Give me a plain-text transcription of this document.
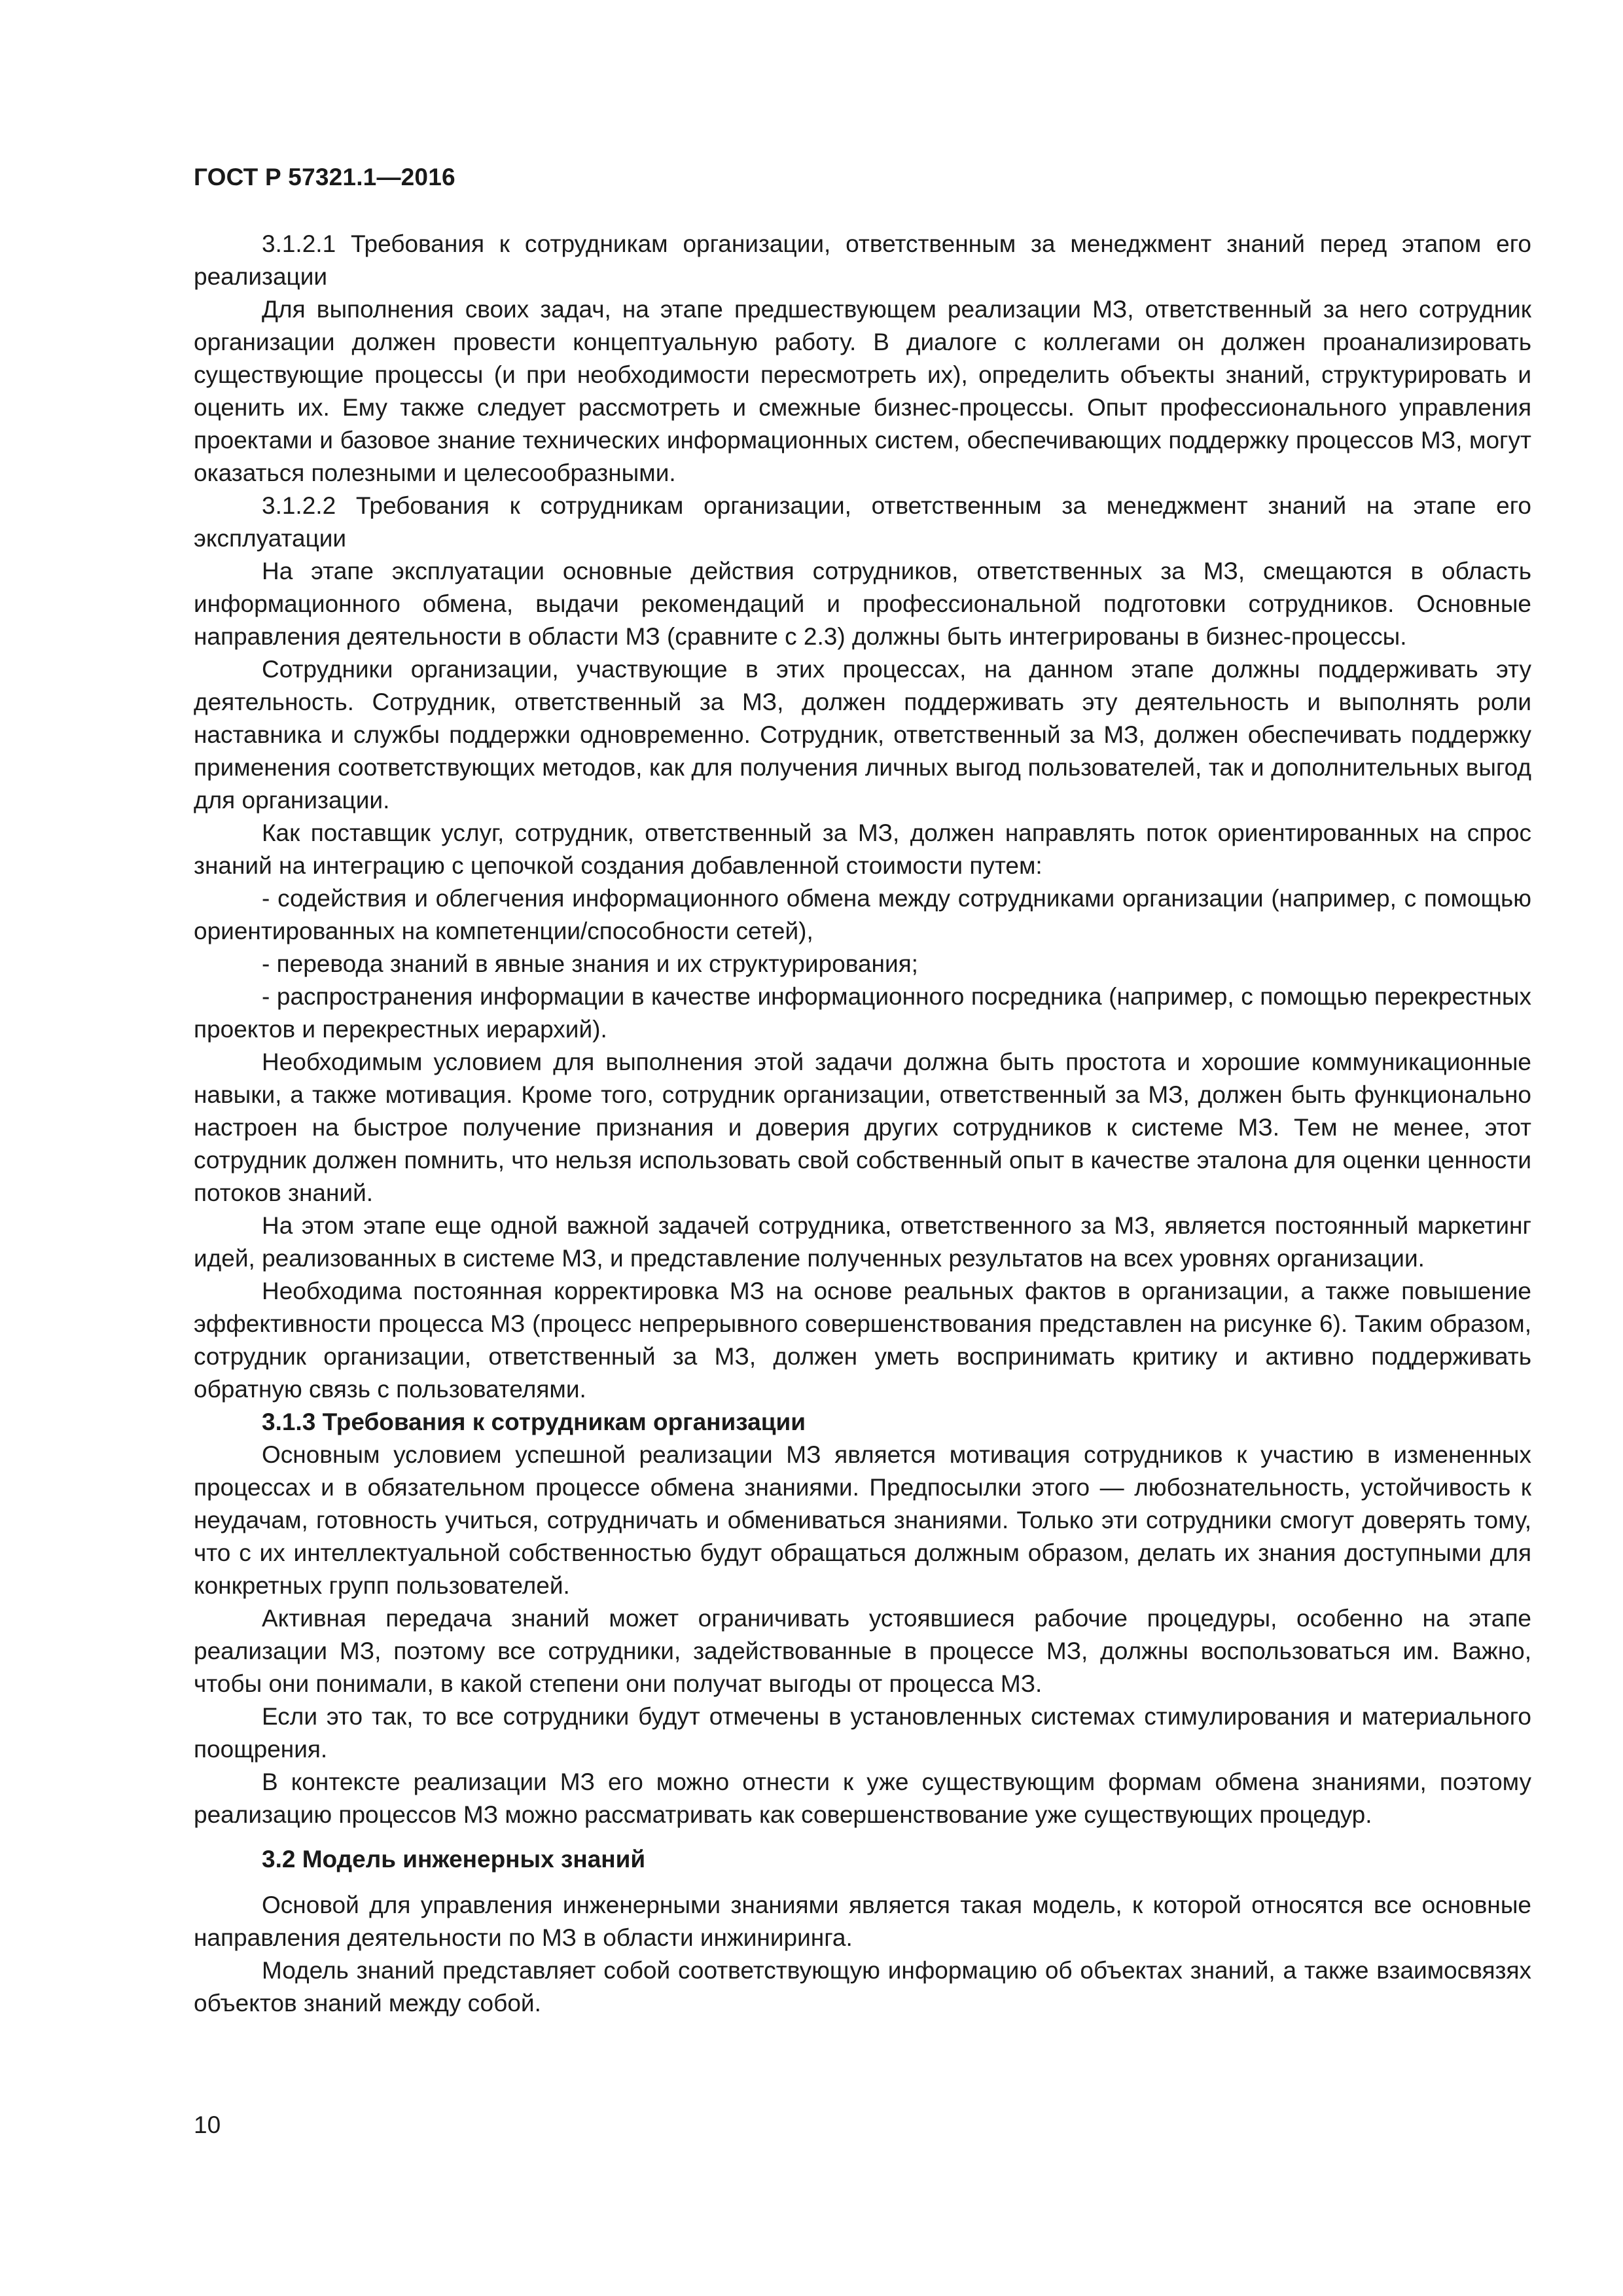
ГОСТ Р 57321.1—2016

3.1.2.1 Требования к сотрудникам организации, ответственным за менеджмент знаний перед этапом его реализации

Для выполнения своих задач, на этапе предшествующем реализации МЗ, ответственный за него сотрудник организации должен провести концептуальную работу. В диалоге с коллегами он должен проанализировать существующие процессы (и при необходимости пересмотреть их), определить объекты знаний, структурировать и оценить их. Ему также следует рассмотреть и смежные бизнес-процессы. Опыт профессионального управления проектами и базовое знание технических информационных систем, обеспечивающих поддержку процессов МЗ, могут оказаться полезными и целесообразными.

3.1.2.2 Требования к сотрудникам организации, ответственным за менеджмент знаний на этапе его эксплуатации

На этапе эксплуатации основные действия сотрудников, ответственных за МЗ, смещаются в область информационного обмена, выдачи рекомендаций и профессиональной подготовки сотрудников. Основные направления деятельности в области МЗ (сравните с 2.3) должны быть интегрированы в бизнес-процессы.

Сотрудники организации, участвующие в этих процессах, на данном этапе должны поддерживать эту деятельность. Сотрудник, ответственный за МЗ, должен поддерживать эту деятельность и выполнять роли наставника и службы поддержки одновременно. Сотрудник, ответственный за МЗ, должен обеспечивать поддержку применения соответствующих методов, как для получения личных выгод пользователей, так и дополнительных выгод для организации.

Как поставщик услуг, сотрудник, ответственный за МЗ, должен направлять поток ориентированных на спрос знаний на интеграцию с цепочкой создания добавленной стоимости путем:

- содействия и облегчения информационного обмена между сотрудниками организации (например, с помощью ориентированных на компетенции/способности сетей),

- перевода знаний в явные знания и их структурирования;

- распространения информации в качестве информационного посредника (например, с помощью перекрестных проектов и перекрестных иерархий).

Необходимым условием для выполнения этой задачи должна быть простота и хорошие коммуникационные навыки, а также мотивация. Кроме того, сотрудник организации, ответственный за МЗ, должен быть функционально настроен на быстрое получение признания и доверия других сотрудников к системе МЗ. Тем не менее, этот сотрудник должен помнить, что нельзя использовать свой собственный опыт в качестве эталона для оценки ценности потоков знаний.

На этом этапе еще одной важной задачей сотрудника, ответственного за МЗ, является постоянный маркетинг идей, реализованных в системе МЗ, и представление полученных результатов на всех уровнях организации.

Необходима постоянная корректировка МЗ на основе реальных фактов в организации, а также повышение эффективности процесса МЗ (процесс непрерывного совершенствования представлен на рисунке 6). Таким образом, сотрудник организации, ответственный за МЗ, должен уметь воспринимать критику и активно поддерживать обратную связь с пользователями.

3.1.3 Требования к сотрудникам организации

Основным условием успешной реализации МЗ является мотивация сотрудников к участию в измененных процессах и в обязательном процессе обмена знаниями. Предпосылки этого — любознательность, устойчивость к неудачам, готовность учиться, сотрудничать и обмениваться знаниями. Только эти сотрудники смогут доверять тому, что с их интеллектуальной собственностью будут обращаться должным образом, делать их знания доступными для конкретных групп пользователей.

Активная передача знаний может ограничивать устоявшиеся рабочие процедуры, особенно на этапе реализации МЗ, поэтому все сотрудники, задействованные в процессе МЗ, должны воспользоваться им. Важно, чтобы они понимали, в какой степени они получат выгоды от процесса МЗ.

Если это так, то все сотрудники будут отмечены в установленных системах стимулирования и материального поощрения.

В контексте реализации МЗ его можно отнести к уже существующим формам обмена знаниями, поэтому реализацию процессов МЗ можно рассматривать как совершенствование уже существующих процедур.

3.2 Модель инженерных знаний

Основой для управления инженерными знаниями является такая модель, к которой относятся все основные направления деятельности по МЗ в области инжиниринга.

Модель знаний представляет собой соответствующую информацию об объектах знаний, а также взаимосвязях объектов знаний между собой.

10
